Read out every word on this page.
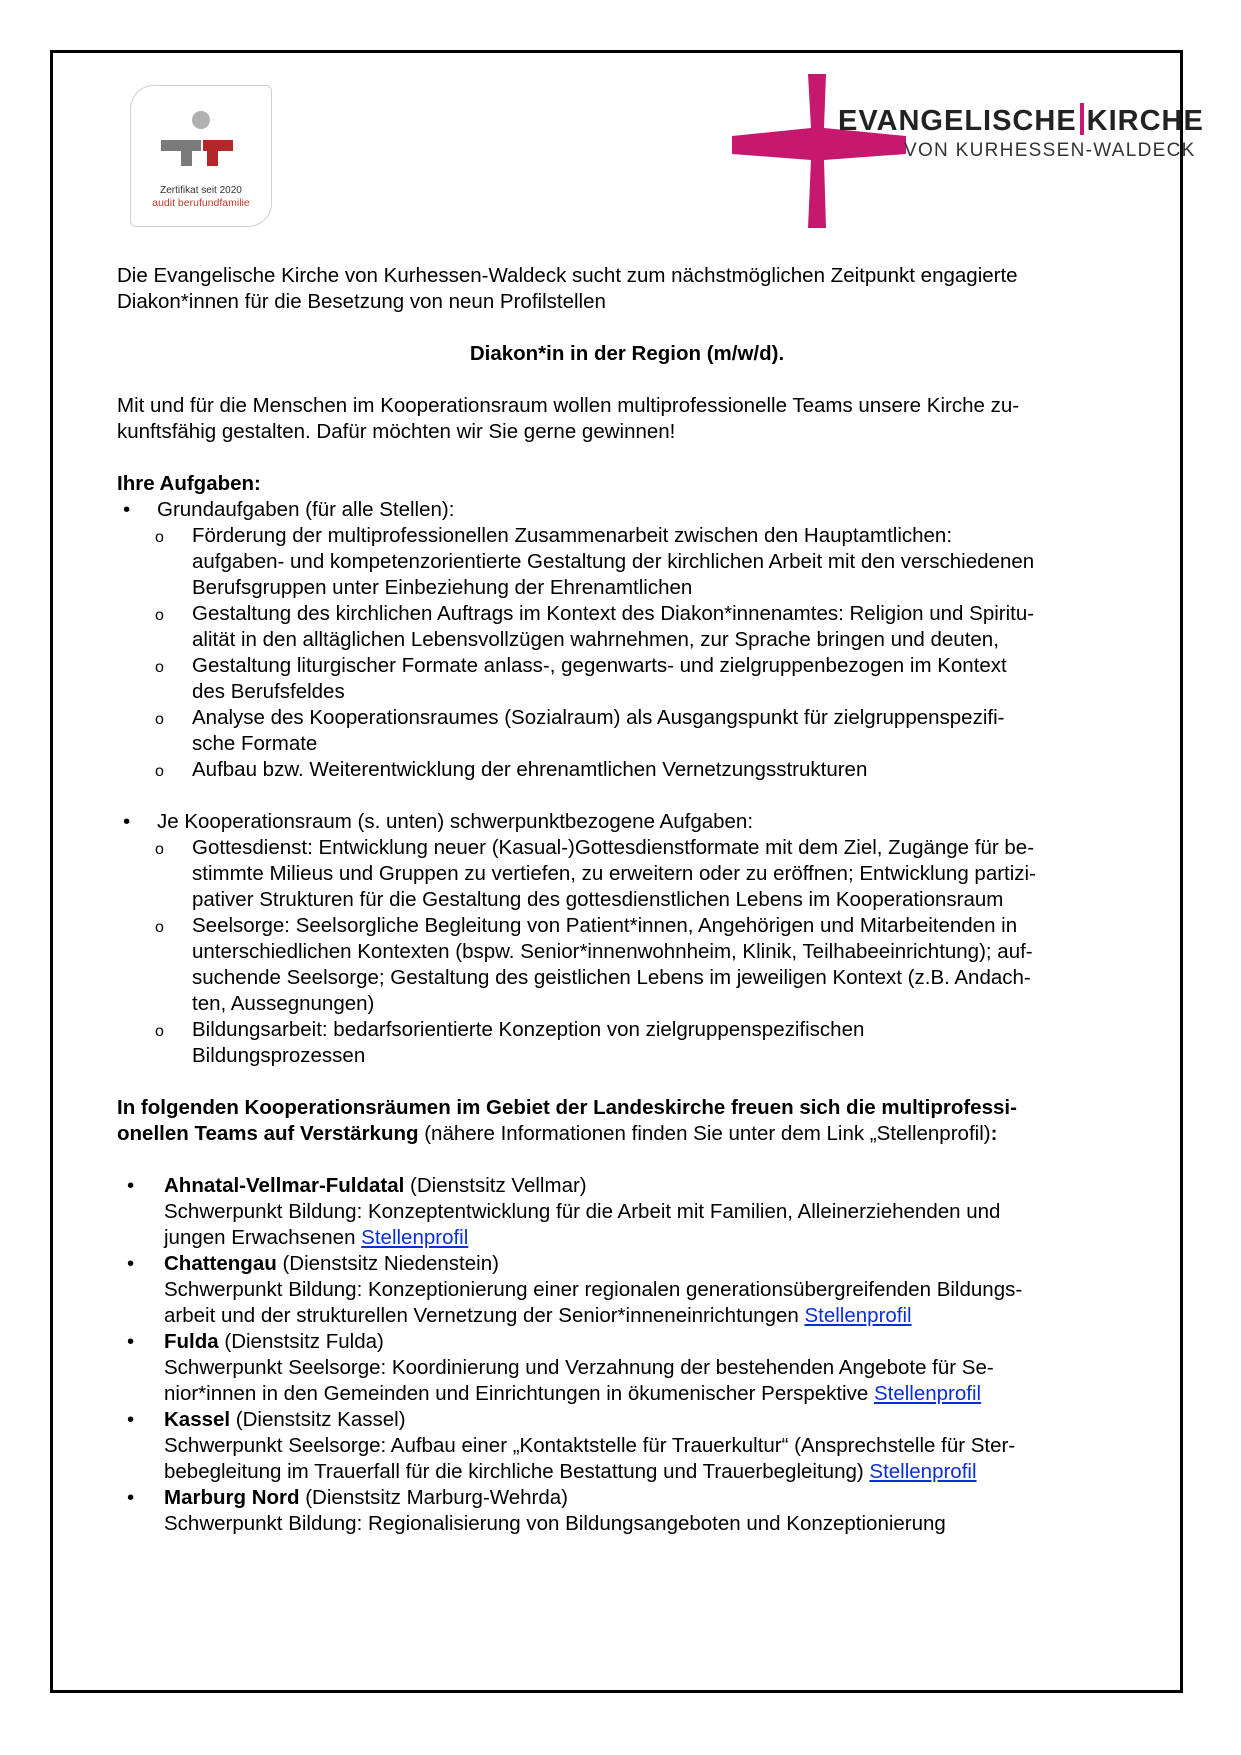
Zertifikat seit 2020
audit berufundfamilie
EVANGELISCHE KIRCHE
VON KURHESSEN-WALDECK

Die Evangelische Kirche von Kurhessen-Waldeck sucht zum nächstmöglichen Zeitpunkt engagierte

Diakon*innen für die Besetzung von neun Profilstellen

Diakon*in in der Region (m/w/d).

Mit und für die Menschen im Kooperationsraum wollen multiprofessionelle Teams unsere Kirche zu-

kunftsfähig gestalten. Dafür möchten wir Sie gerne gewinnen!

Ihre Aufgaben:

• Grundaufgaben (für alle Stellen):
o Förderung der multiprofessionellen Zusammenarbeit zwischen den Hauptamtlichen:
aufgaben- und kompetenzorientierte Gestaltung der kirchlichen Arbeit mit den verschiedenen
Berufsgruppen unter Einbeziehung der Ehrenamtlichen
o Gestaltung des kirchlichen Auftrags im Kontext des Diakon*innenamtes: Religion und Spiritu-
alität in den alltäglichen Lebensvollzügen wahrnehmen, zur Sprache bringen und deuten,
o Gestaltung liturgischer Formate anlass-, gegenwarts- und zielgruppenbezogen im Kontext
des Berufsfeldes
o Analyse des Kooperationsraumes (Sozialraum) als Ausgangspunkt für zielgruppenspezifi-
sche Formate
o Aufbau bzw. Weiterentwicklung der ehrenamtlichen Vernetzungsstrukturen
• Je Kooperationsraum (s. unten) schwerpunktbezogene Aufgaben:
o Gottesdienst: Entwicklung neuer (Kasual-)Gottesdienstformate mit dem Ziel, Zugänge für be-
stimmte Milieus und Gruppen zu vertiefen, zu erweitern oder zu eröffnen; Entwicklung partizi-
pativer Strukturen für die Gestaltung des gottesdienstlichen Lebens im Kooperationsraum
o Seelsorge: Seelsorgliche Begleitung von Patient*innen, Angehörigen und Mitarbeitenden in
unterschiedlichen Kontexten (bspw. Senior*innenwohnheim, Klinik, Teilhabeeinrichtung); auf-
suchende Seelsorge; Gestaltung des geistlichen Lebens im jeweiligen Kontext (z.B. Andach-
ten, Aussegnungen)
o Bildungsarbeit: bedarfsorientierte Konzeption von zielgruppenspezifischen
Bildungsprozessen

In folgenden Kooperationsräumen im Gebiet der Landeskirche freuen sich die multiprofessi-
onellen Teams auf Verstärkung (nähere Informationen finden Sie unter dem Link „Stellenprofil):

• Ahnatal-Vellmar-Fuldatal (Dienstsitz Vellmar)
Schwerpunkt Bildung: Konzeptentwicklung für die Arbeit mit Familien, Alleinerziehenden und
jungen Erwachsenen Stellenprofil
• Chattengau (Dienstsitz Niedenstein)
Schwerpunkt Bildung: Konzeptionierung einer regionalen generationsübergreifenden Bildungs-
arbeit und der strukturellen Vernetzung der Senior*inneneinrichtungen Stellenprofil
• Fulda (Dienstsitz Fulda)
Schwerpunkt Seelsorge: Koordinierung und Verzahnung der bestehenden Angebote für Se-
nior*innen in den Gemeinden und Einrichtungen in ökumenischer Perspektive Stellenprofil
• Kassel (Dienstsitz Kassel)
Schwerpunkt Seelsorge: Aufbau einer „Kontaktstelle für Trauerkultur“ (Ansprechstelle für Ster-
bebegleitung im Trauerfall für die kirchliche Bestattung und Trauerbegleitung) Stellenprofil
• Marburg Nord (Dienstsitz Marburg-Wehrda)
Schwerpunkt Bildung: Regionalisierung von Bildungsangeboten und Konzeptionierung
